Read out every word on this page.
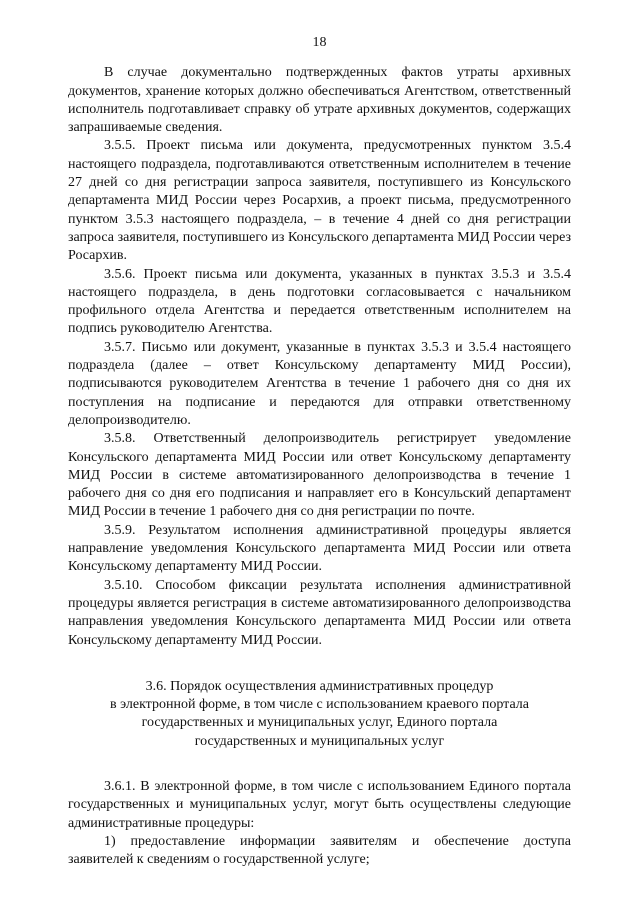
18

В случае документально подтвержденных фактов утраты архивных документов, хранение которых должно обеспечиваться Агентством, ответственный исполнитель подготавливает справку об утрате архивных документов, содержащих запрашиваемые сведения.

3.5.5. Проект письма или документа, предусмотренных пунктом 3.5.4 настоящего подраздела, подготавливаются ответственным исполнителем в течение 27 дней со дня регистрации запроса заявителя, поступившего из Консульского департамента МИД России через Росархив, а проект письма, предусмотренного пунктом 3.5.3 настоящего подраздела, – в течение 4 дней со дня регистрации запроса заявителя, поступившего из Консульского департамента МИД России через Росархив.

3.5.6. Проект письма или документа, указанных в пунктах 3.5.3 и 3.5.4 настоящего подраздела, в день подготовки согласовывается с начальником профильного отдела Агентства и передается ответственным исполнителем на подпись руководителю Агентства.

3.5.7. Письмо или документ, указанные в пунктах 3.5.3 и 3.5.4 настоящего подраздела (далее – ответ Консульскому департаменту МИД России), подписываются руководителем Агентства в течение 1 рабочего дня со дня их поступления на подписание и передаются для отправки ответственному делопроизводителю.

3.5.8. Ответственный делопроизводитель регистрирует уведомление Консульского департамента МИД России или ответ Консульскому департаменту МИД России в системе автоматизированного делопроизводства в течение 1 рабочего дня со дня его подписания и направляет его в Консульский департамент МИД России в течение 1 рабочего дня со дня регистрации по почте.

3.5.9. Результатом исполнения административной процедуры является направление уведомления Консульского департамента МИД России или ответа Консульскому департаменту МИД России.

3.5.10. Способом фиксации результата исполнения административной процедуры является регистрация в системе автоматизированного делопроизводства направления уведомления Консульского департамента МИД России или ответа Консульскому департаменту МИД России.

3.6. Порядок осуществления административных процедур
в электронной форме, в том числе с использованием краевого портала
государственных и муниципальных услуг, Единого портала
государственных и муниципальных услуг

3.6.1. В электронной форме, в том числе с использованием Единого портала государственных и муниципальных услуг, могут быть осуществлены следующие административные процедуры:

1) предоставление информации заявителям и обеспечение доступа заявителей к сведениям о государственной услуге;
